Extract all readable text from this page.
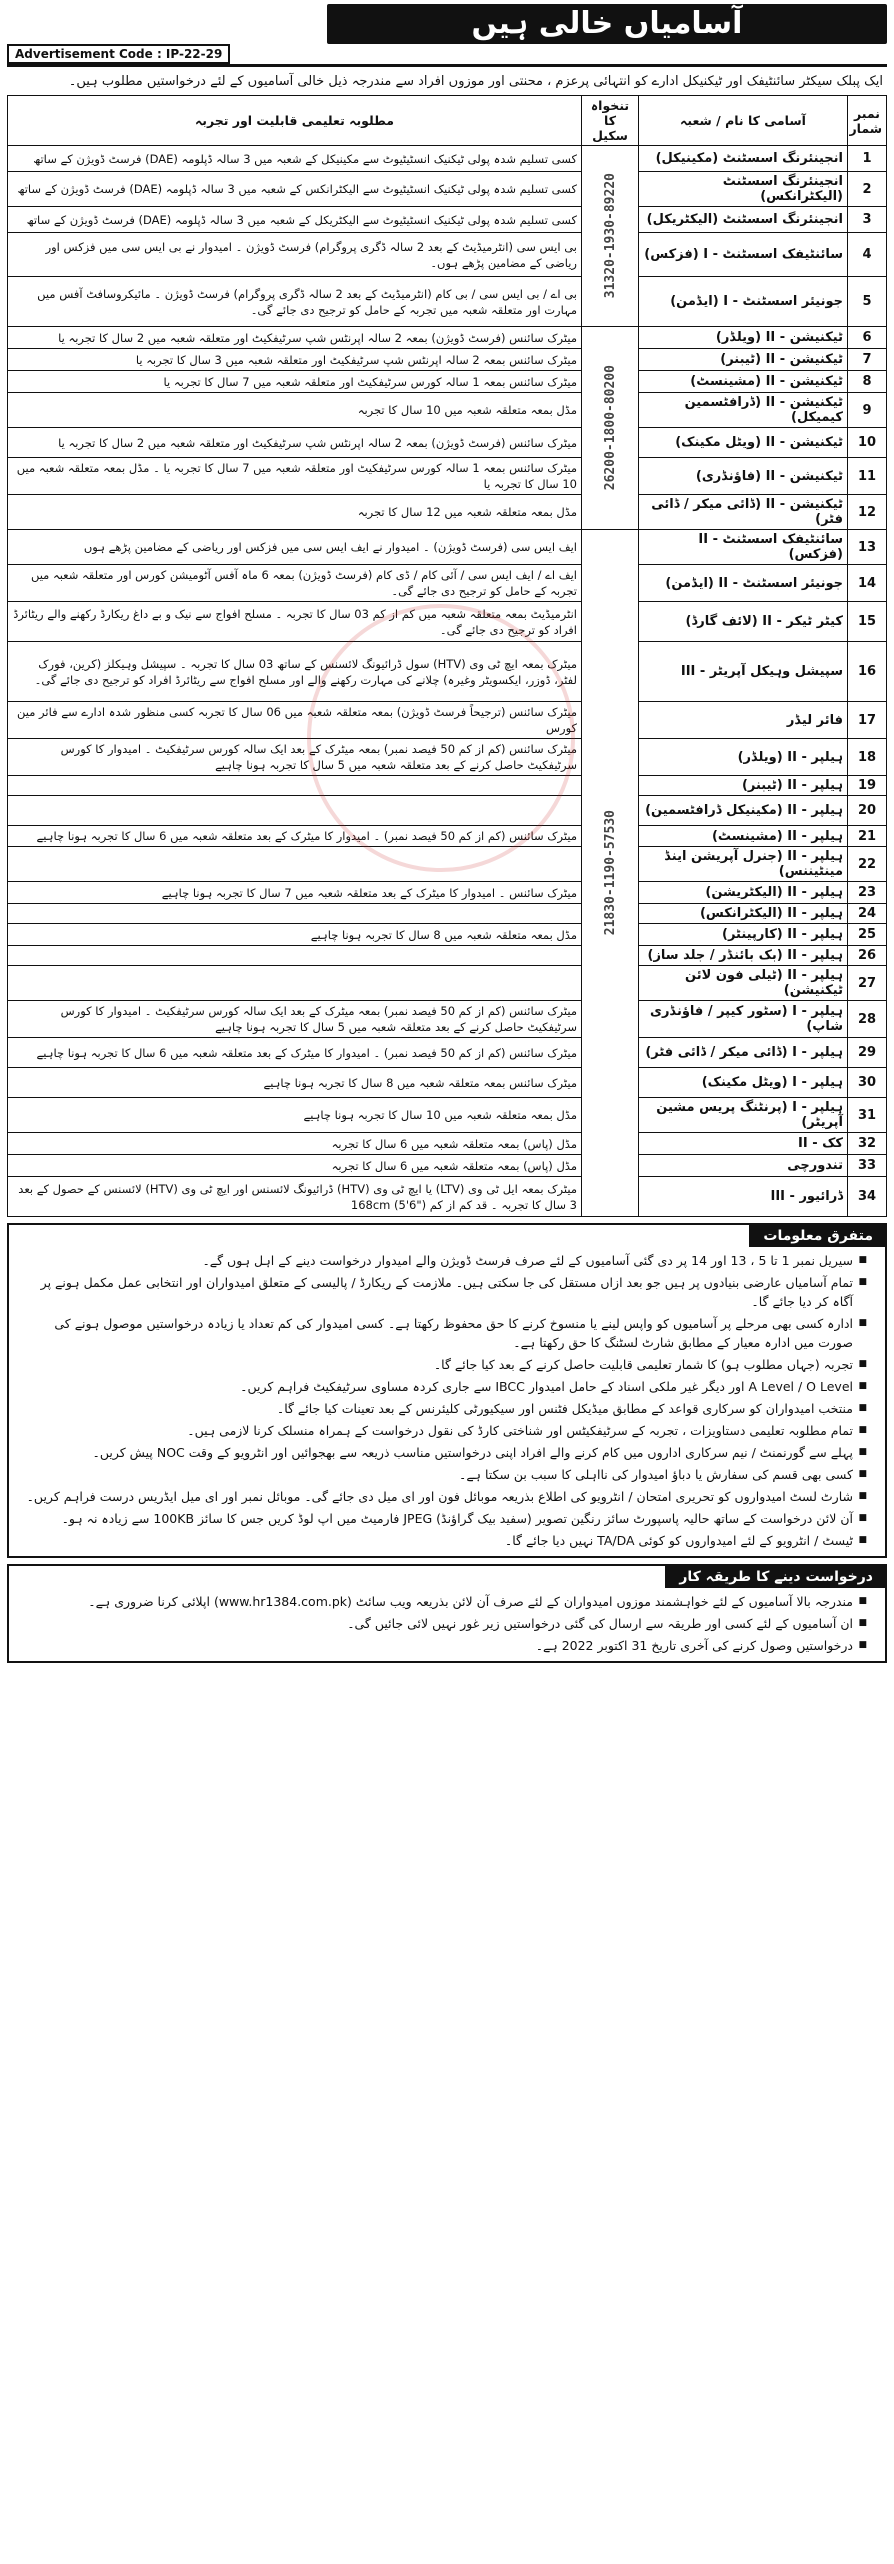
آسامیاں خالی ہیں
Advertisement Code : IP-22-29
ایک پبلک سیکٹر سائنٹیفک اور ٹیکنیکل ادارے کو انتہائی پرعزم ، محنتی اور موزوں افراد سے مندرجہ ذیل خالی آسامیوں کے لئے درخواستیں مطلوب ہیں۔
نمبر شمار	آسامی کا نام / شعبہ	تنخواہ کا سکیل	مطلوبہ تعلیمی قابلیت اور تجربہ
1	انجینئرنگ اسسٹنٹ (مکینیکل)	31320-1930-89220	کسی تسلیم شدہ پولی ٹیکنیک انسٹیٹیوٹ سے مکینیکل کے شعبہ میں 3 سالہ ڈپلومہ (DAE) فرسٹ ڈویژن کے ساتھ
2	انجینئرنگ اسسٹنٹ (الیکٹرانکس)		کسی تسلیم شدہ پولی ٹیکنیک انسٹیٹیوٹ سے الیکٹرانکس کے شعبہ میں 3 سالہ ڈپلومہ (DAE) فرسٹ ڈویژن کے ساتھ
3	انجینئرنگ اسسٹنٹ (الیکٹریکل)		کسی تسلیم شدہ پولی ٹیکنیک انسٹیٹیوٹ سے الیکٹریکل کے شعبہ میں 3 سالہ ڈپلومہ (DAE) فرسٹ ڈویژن کے ساتھ
4	سائنٹیفک اسسٹنٹ - I (فزکس)		بی ایس سی (انٹرمیڈیٹ کے بعد 2 سالہ ڈگری پروگرام) فرسٹ ڈویژن ۔ امیدوار نے بی ایس سی میں فزکس اور ریاضی کے مضامین پڑھے ہوں۔
5	جونیئر اسسٹنٹ - I (ایڈمن)		بی اے / بی ایس سی / بی کام (انٹرمیڈیٹ کے بعد 2 سالہ ڈگری پروگرام) فرسٹ ڈویژن ۔ مائیکروسافٹ آفس میں مہارت اور متعلقہ شعبہ میں تجربہ کے حامل کو ترجیح دی جائے گی۔
6	ٹیکنیشن - II (ویلڈر)	26200-1800-80200	میٹرک سائنس (فرسٹ ڈویژن) بمعہ 2 سالہ اپرنٹس شپ سرٹیفکیٹ اور متعلقہ شعبہ میں 2 سال کا تجربہ یا
7	ٹیکنیشن - II (ٹیبنر)		میٹرک سائنس بمعہ 2 سالہ اپرنٹس شپ سرٹیفکیٹ اور متعلقہ شعبہ میں 3 سال کا تجربہ یا
8	ٹیکنیشن - II (مشینسٹ)		میٹرک سائنس بمعہ 1 سالہ کورس سرٹیفکیٹ اور متعلقہ شعبہ میں 7 سال کا تجربہ یا
9	ٹیکنیشن - II (ڈرافٹسمین کیمیکل)		مڈل بمعہ متعلقہ شعبہ میں 10 سال کا تجربہ
10	ٹیکنیشن - II (ویٹل مکینک)		میٹرک سائنس (فرسٹ ڈویژن) بمعہ 2 سالہ اپرنٹس شپ سرٹیفکیٹ اور متعلقہ شعبہ میں 2 سال کا تجربہ یا
11	ٹیکنیشن - II (فاؤنڈری)		میٹرک سائنس بمعہ 1 سالہ کورس سرٹیفکیٹ اور متعلقہ شعبہ میں 7 سال کا تجربہ یا ۔ مڈل بمعہ متعلقہ شعبہ میں 10 سال کا تجربہ یا
12	ٹیکنیشن - II (ڈائی میکر / ڈائی فٹر)		مڈل بمعہ متعلقہ شعبہ میں 12 سال کا تجربہ
13	سائنٹیفک اسسٹنٹ - II (فزکس)	21830-1190-57530	ایف ایس سی (فرسٹ ڈویژن) ۔ امیدوار نے ایف ایس سی میں فزکس اور ریاضی کے مضامین پڑھے ہوں
14	جونیئر اسسٹنٹ - II (ایڈمن)		ایف اے / ایف ایس سی / آئی کام / ڈی کام (فرسٹ ڈویژن) بمعہ 6 ماہ آفس آٹومیشن کورس اور متعلقہ شعبہ میں تجربہ کے حامل کو ترجیح دی جائے گی۔
15	کیٹر ٹیکر - II (لائف گارڈ)		انٹرمیڈیٹ بمعہ متعلقہ شعبہ میں کم از کم 03 سال کا تجربہ ۔ مسلح افواج سے نیک و بے داغ ریکارڈ رکھنے والے ریٹائرڈ افراد کو ترجیح دی جائے گی۔
16	سپیشل وہیکل آپریٹر - III		میٹرک بمعہ ایچ ٹی وی (HTV) سول ڈرائیونگ لائسنس کے ساتھ 03 سال کا تجربہ ۔ سپیشل وہیکلز (کرین، فورک لفٹر، ڈوزر، ایکسویٹر وغیرہ) چلانے کی مہارت رکھنے والے اور مسلح افواج سے ریٹائرڈ افراد کو ترجیح دی جائے گی۔
17	فائر لیڈر		میٹرک سائنس (ترجیحاً فرسٹ ڈویژن) بمعہ متعلقہ شعبہ میں 06 سال کا تجربہ کسی منظور شدہ ادارے سے فائر مین کورس
18	ہیلپر - II (ویلڈر)		میٹرک سائنس (کم از کم 50 فیصد نمبر) بمعہ میٹرک کے بعد ایک سالہ کورس سرٹیفکیٹ ۔ امیدوار کا کورس سرٹیفکیٹ حاصل کرنے کے بعد متعلقہ شعبہ میں 5 سال کا تجربہ ہونا چاہیے
19	ہیلپر - II (ٹیبنر)		
20	ہیلپر - II (مکینیکل ڈرافٹسمین)		
21	ہیلپر - II (مشینسٹ)		میٹرک سائنس (کم از کم 50 فیصد نمبر) ۔ امیدوار کا میٹرک کے بعد متعلقہ شعبہ میں 6 سال کا تجربہ ہونا چاہیے
22	ہیلپر - II (جنرل آپریشن اینڈ مینٹیننس)		
23	ہیلپر - II (الیکٹریشن)		میٹرک سائنس ۔ امیدوار کا میٹرک کے بعد متعلقہ شعبہ میں 7 سال کا تجربہ ہونا چاہیے
24	ہیلپر - II (الیکٹرانکس)		
25	ہیلپر - II (کارپینٹر)		مڈل بمعہ متعلقہ شعبہ میں 8 سال کا تجربہ ہونا چاہیے
26	ہیلپر - II (بک بائنڈر / جلد ساز)		
27	ہیلپر - II (ٹیلی فون لائن ٹیکنیشن)		
28	ہیلپر - I (سٹور کیپر / فاؤنڈری شاپ)		میٹرک سائنس (کم از کم 50 فیصد نمبر) بمعہ میٹرک کے بعد ایک سالہ کورس سرٹیفکیٹ ۔ امیدوار کا کورس سرٹیفکیٹ حاصل کرنے کے بعد متعلقہ شعبہ میں 5 سال کا تجربہ ہونا چاہیے
29	ہیلپر - I (ڈائی میکر / ڈائی فٹر)		میٹرک سائنس (کم از کم 50 فیصد نمبر) ۔ امیدوار کا میٹرک کے بعد متعلقہ شعبہ میں 6 سال کا تجربہ ہونا چاہیے
30	ہیلپر - I (ویٹل مکینک)		میٹرک سائنس بمعہ متعلقہ شعبہ میں 8 سال کا تجربہ ہونا چاہیے
31	ہیلپر - I (پرنٹنگ پریس مشین آپریٹر)		مڈل بمعہ متعلقہ شعبہ میں 10 سال کا تجربہ ہونا چاہیے
32	کک - II		مڈل (پاس) بمعہ متعلقہ شعبہ میں 6 سال کا تجربہ
33	تندورچی		مڈل (پاس) بمعہ متعلقہ شعبہ میں 6 سال کا تجربہ
34	ڈرائیور - III		میٹرک بمعہ ایل ٹی وی (LTV) یا ایچ ٹی وی (HTV) ڈرائیونگ لائسنس اور ایچ ٹی وی (HTV) لائسنس کے حصول کے بعد 3 سال کا تجربہ ۔ قد کم از کم 168cm (5'6")
متفرق معلومات
■ سیریل نمبر 1 تا 5 ، 13 اور 14 پر دی گئی آسامیوں کے لئے صرف فرسٹ ڈویژن والے امیدوار درخواست دینے کے اہل ہوں گے۔
■ تمام آسامیاں عارضی بنیادوں پر ہیں جو بعد ازاں مستقل کی جا سکتی ہیں۔ ملازمت کے ریکارڈ / پالیسی کے متعلق امیدواران اور انتخابی عمل مکمل ہونے پر آگاہ کر دیا جائے گا۔
■ ادارہ کسی بھی مرحلے پر آسامیوں کو واپس لینے یا منسوخ کرنے کا حق محفوظ رکھتا ہے۔ کسی امیدوار کی کم تعداد یا زیادہ درخواستیں موصول ہونے کی صورت میں ادارہ معیار کے مطابق شارٹ لسٹنگ کا حق رکھتا ہے۔
■ تجربہ (جہاں مطلوب ہو) کا شمار تعلیمی قابلیت حاصل کرنے کے بعد کیا جائے گا۔
■ A Level / O Level اور دیگر غیر ملکی اسناد کے حامل امیدوار IBCC سے جاری کردہ مساوی سرٹیفکیٹ فراہم کریں۔
■ منتخب امیدواران کو سرکاری قواعد کے مطابق میڈیکل فٹنس اور سیکیورٹی کلیئرنس کے بعد تعینات کیا جائے گا۔
■ تمام مطلوبہ تعلیمی دستاویزات ، تجربہ کے سرٹیفکیٹس اور شناختی کارڈ کی نقول درخواست کے ہمراہ منسلک کرنا لازمی ہیں۔
■ پہلے سے گورنمنٹ / نیم سرکاری اداروں میں کام کرنے والے افراد اپنی درخواستیں مناسب ذریعہ سے بھجوائیں اور انٹرویو کے وقت NOC پیش کریں۔
■ کسی بھی قسم کی سفارش یا دباؤ امیدوار کی نااہلی کا سبب بن سکتا ہے۔
■ شارٹ لسٹ امیدواروں کو تحریری امتحان / انٹرویو کی اطلاع بذریعہ موبائل فون اور ای میل دی جائے گی۔ موبائل نمبر اور ای میل ایڈریس درست فراہم کریں۔
■ آن لائن درخواست کے ساتھ حالیہ پاسپورٹ سائز رنگین تصویر (سفید بیک گراؤنڈ) JPEG فارمیٹ میں اپ لوڈ کریں جس کا سائز 100KB سے زیادہ نہ ہو۔
■ ٹیسٹ / انٹرویو کے لئے امیدواروں کو کوئی TA/DA نہیں دیا جائے گا۔
درخواست دینے کا طریقہ کار
■ مندرجہ بالا آسامیوں کے لئے خواہشمند موزوں امیدواران کے لئے صرف آن لائن بذریعہ ویب سائٹ (www.hr1384.com.pk) اپلائی کرنا ضروری ہے۔
■ ان آسامیوں کے لئے کسی اور طریقہ سے ارسال کی گئی درخواستیں زیر غور نہیں لائی جائیں گی۔
■ درخواستیں وصول کرنے کی آخری تاریخ 31 اکتوبر 2022 ہے۔
